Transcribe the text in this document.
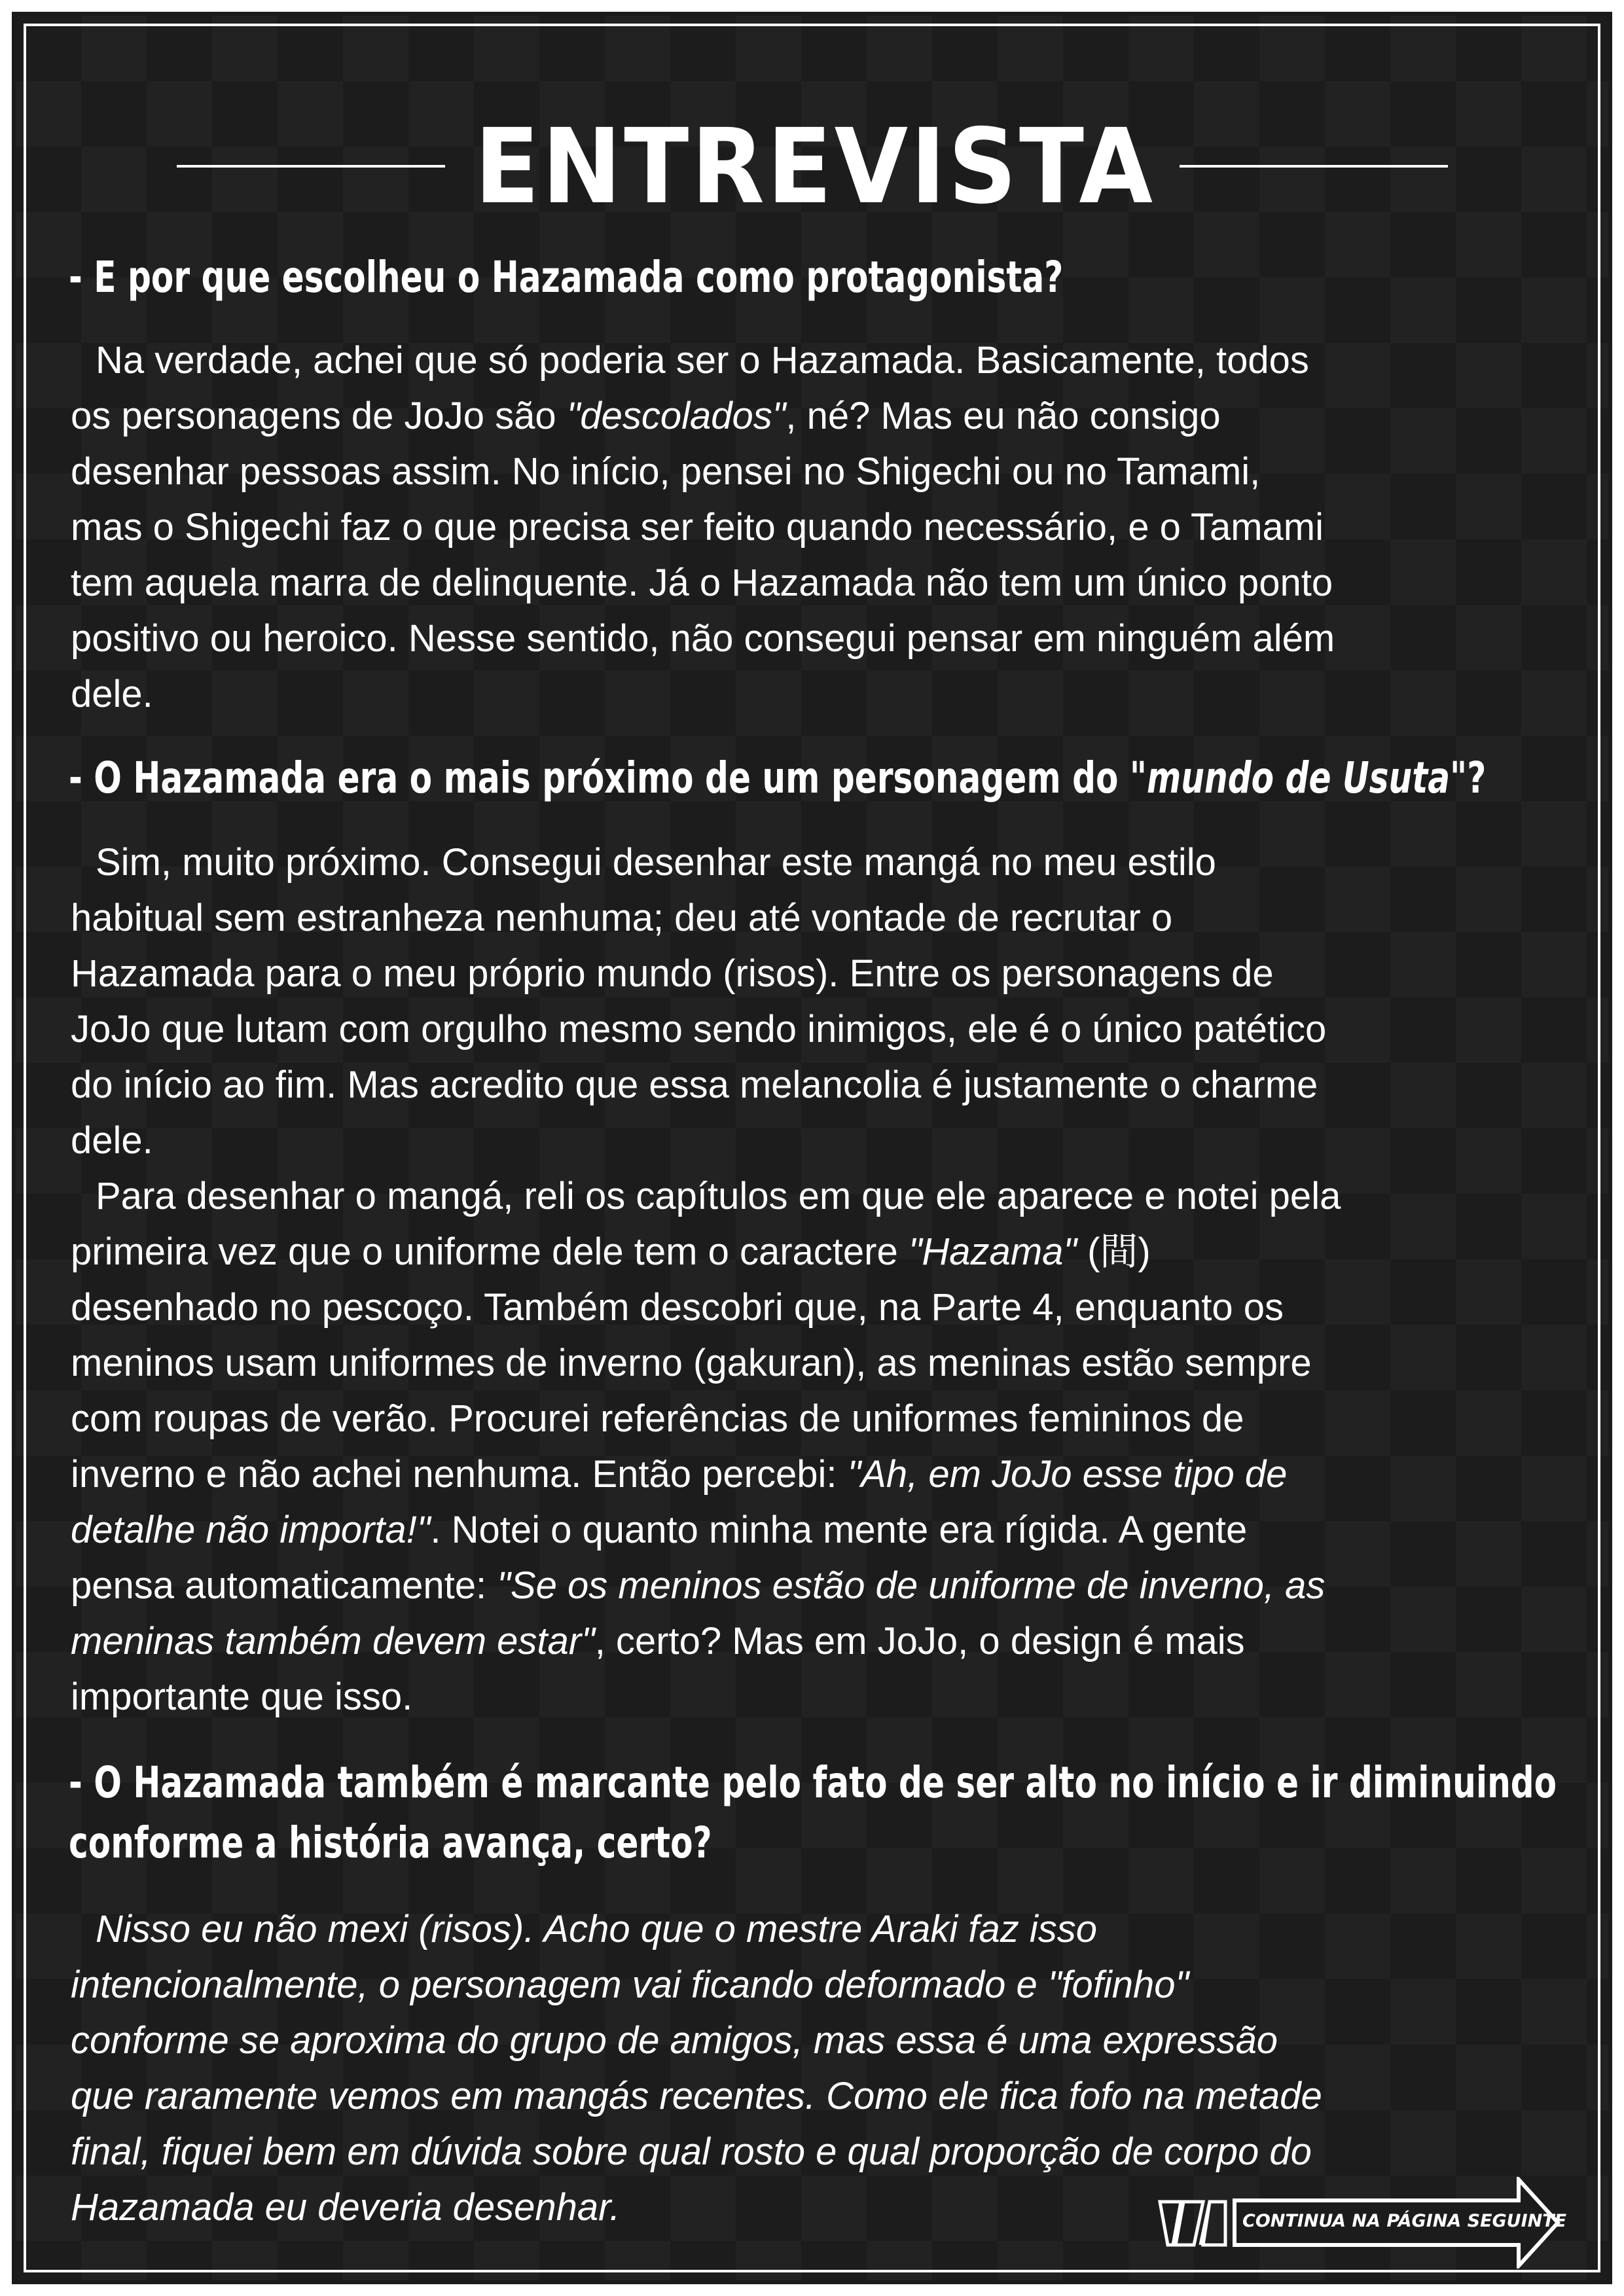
ENTREVISTA
- E por que escolheu o Hazamada como protagonista?
Na verdade, achei que só poderia ser o Hazamada. Basicamente, todos
os personagens de JoJo são "descolados", né? Mas eu não consigo
desenhar pessoas assim. No início, pensei no Shigechi ou no Tamami,
mas o Shigechi faz o que precisa ser feito quando necessário, e o Tamami
tem aquela marra de delinquente. Já o Hazamada não tem um único ponto
positivo ou heroico. Nesse sentido, não consegui pensar em ninguém além
dele.
- O Hazamada era o mais próximo de um personagem do "mundo de Usuta"?
Sim, muito próximo. Consegui desenhar este mangá no meu estilo
habitual sem estranheza nenhuma; deu até vontade de recrutar o
Hazamada para o meu próprio mundo (risos). Entre os personagens de
JoJo que lutam com orgulho mesmo sendo inimigos, ele é o único patético
do início ao fim. Mas acredito que essa melancolia é justamente o charme
dele.
Para desenhar o mangá, reli os capítulos em que ele aparece e notei pela
primeira vez que o uniforme dele tem o caractere "Hazama" (間)
desenhado no pescoço. Também descobri que, na Parte 4, enquanto os
meninos usam uniformes de inverno (gakuran), as meninas estão sempre
com roupas de verão. Procurei referências de uniformes femininos de
inverno e não achei nenhuma. Então percebi: "Ah, em JoJo esse tipo de
detalhe não importa!". Notei o quanto minha mente era rígida. A gente
pensa automaticamente: "Se os meninos estão de uniforme de inverno, as
meninas também devem estar", certo? Mas em JoJo, o design é mais
importante que isso.
- O Hazamada também é marcante pelo fato de ser alto no início e ir diminuindo
conforme a história avança, certo?
Nisso eu não mexi (risos). Acho que o mestre Araki faz isso
intencionalmente, o personagem vai ficando deformado e "fofinho"
conforme se aproxima do grupo de amigos, mas essa é uma expressão
que raramente vemos em mangás recentes. Como ele fica fofo na metade
final, fiquei bem em dúvida sobre qual rosto e qual proporção de corpo do
Hazamada eu deveria desenhar.	CONTINUA NA PÁGINA SEGUINTE
